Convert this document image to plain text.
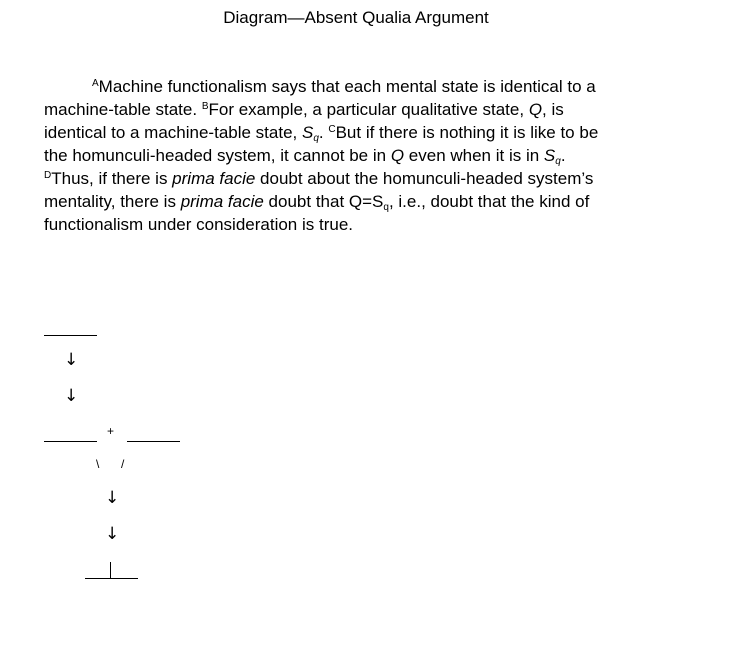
Diagram—Absent Qualia Argument
$^A$Machine functionalism says that each mental state is identical to a
machine-table state. $^B$For example, a particular qualitative state, Q, is
identical to a machine-table state, $S_q$. $^C$But if there is nothing it is like to be
the homunculi-headed system, it cannot be in Q even when it is in $S_q$.
$^D$Thus, if there is prima facie doubt about the homunculi-headed system’s
mentality, there is prima facie doubt that $Q=S_q$, i.e., doubt that the kind of
functionalism under consideration is true.
↓
↓
+
\ /
↓
↓
